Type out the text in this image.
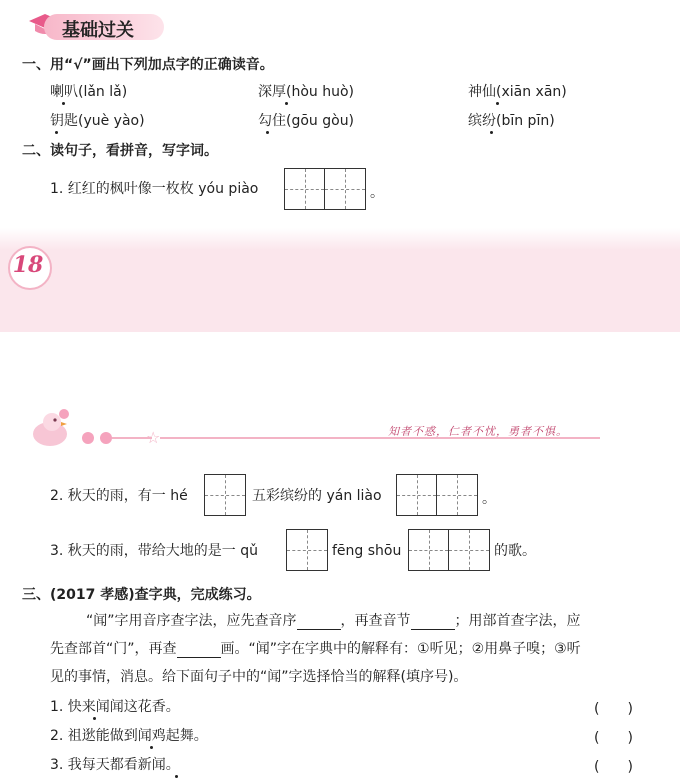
基础过关
一、用“√”画出下列加点字的正确读音。
喇叭(lǎn lǎ)	深厚(hòu huò)	神仙(xiān xān)
钥匙(yuè yào)	勾住(gōu gòu)	缤纷(bīn pīn)
二、读句子，看拼音，写字词。
1. 红红的枫叶像一枚枚 yóu piào	。
18
☆	知者不惑，仁者不忧，勇者不惧。
2. 秋天的雨，有一 hé	五彩缤纷的 yán liào	。
3. 秋天的雨，带给大地的是一 qǔ	fēng shōu	的歌。
三、(2017 孝感)查字典，完成练习。
“闻”字用音序查字法，应先查音序	，再查音节	；用部首查字法，应
先查部首“门”，再查	画。“闻”字在字典中的解释有：①听见；②用鼻子嗅；③听
见的事情，消息。给下面句子中的“闻”字选择恰当的解释(填序号)。
1. 快来闻闻这花香。	(　　)
2. 祖逖能做到闻鸡起舞。	(　　)
3. 我每天都看新闻。	(　　)
